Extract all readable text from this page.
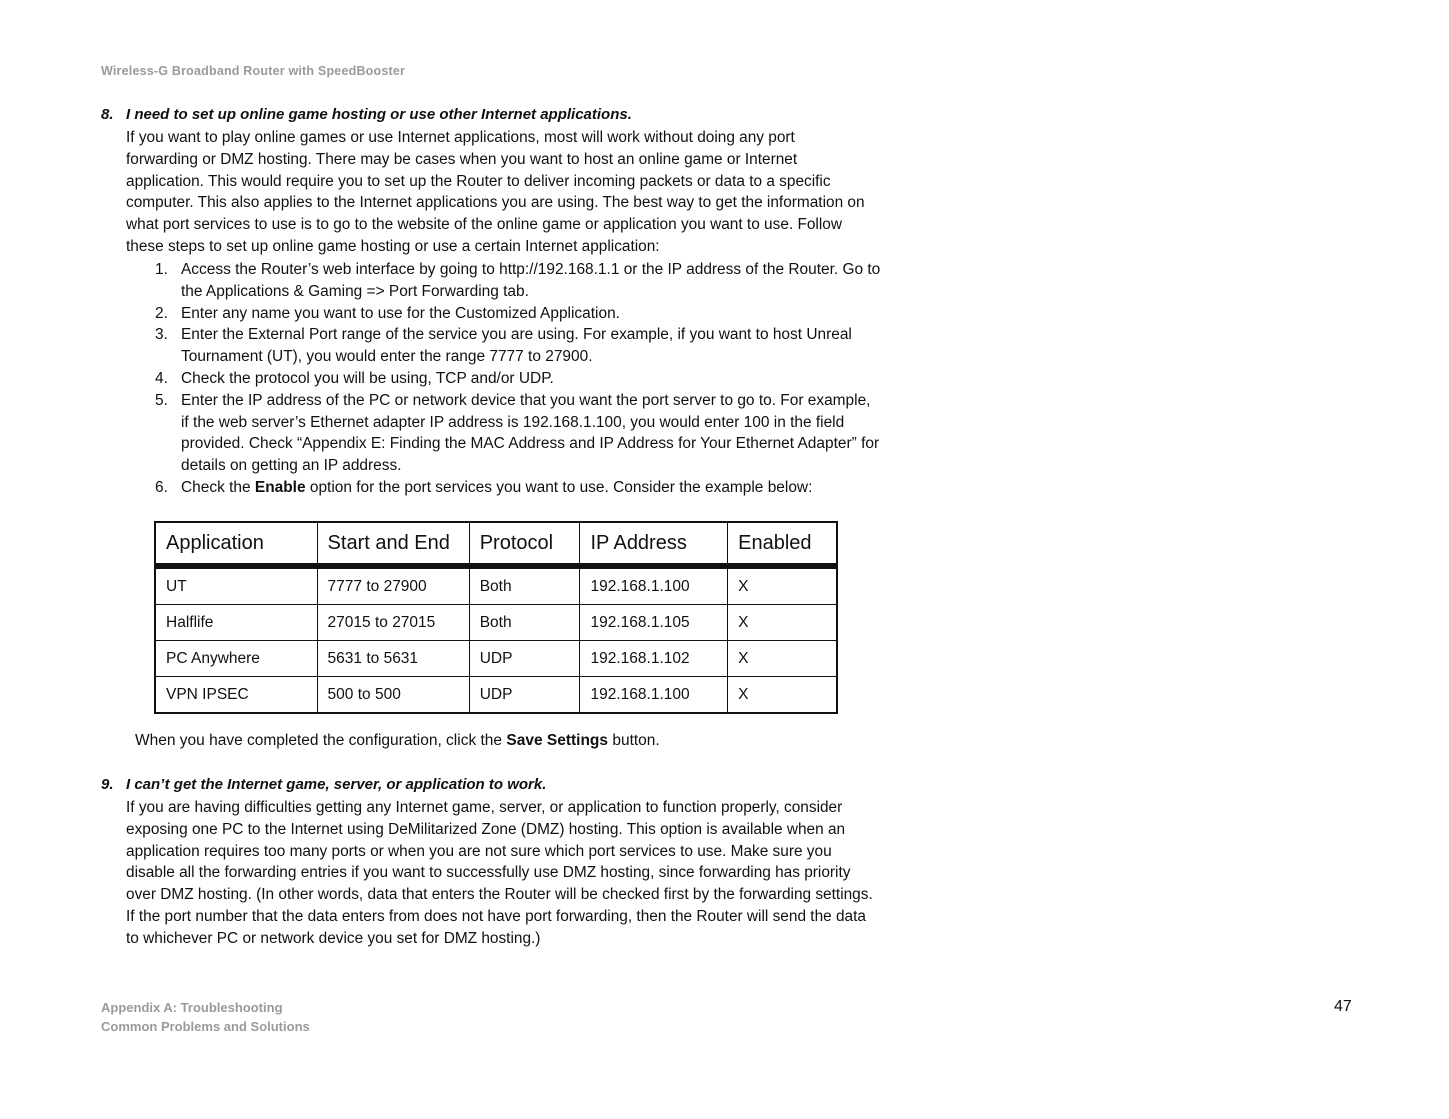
Wireless-G Broadband Router with SpeedBooster
8. I need to set up online game hosting or use other Internet applications.
If you want to play online games or use Internet applications, most will work without doing any port
forwarding or DMZ hosting. There may be cases when you want to host an online game or Internet
application. This would require you to set up the Router to deliver incoming packets or data to a specific
computer. This also applies to the Internet applications you are using. The best way to get the information on
what port services to use is to go to the website of the online game or application you want to use. Follow
these steps to set up online game hosting or use a certain Internet application:
1. Access the Router’s web interface by going to http://192.168.1.1 or the IP address of the Router. Go to
the Applications & Gaming => Port Forwarding tab.
2. Enter any name you want to use for the Customized Application.
3. Enter the External Port range of the service you are using. For example, if you want to host Unreal
Tournament (UT), you would enter the range 7777 to 27900.
4. Check the protocol you will be using, TCP and/or UDP.
5. Enter the IP address of the PC or network device that you want the port server to go to. For example,
if the web server’s Ethernet adapter IP address is 192.168.1.100, you would enter 100 in the field
provided. Check “Appendix E: Finding the MAC Address and IP Address for Your Ethernet Adapter” for
details on getting an IP address.
6. Check the Enable option for the port services you want to use. Consider the example below:
Application	Start and End	Protocol	IP Address	Enabled
UT	7777 to 27900	Both	192.168.1.100	X
Halflife	27015 to 27015	Both	192.168.1.105	X
PC Anywhere	5631 to 5631	UDP	192.168.1.102	X
VPN IPSEC	500 to 500	UDP	192.168.1.100	X
When you have completed the configuration, click the Save Settings button.
9. I can’t get the Internet game, server, or application to work.
If you are having difficulties getting any Internet game, server, or application to function properly, consider
exposing one PC to the Internet using DeMilitarized Zone (DMZ) hosting. This option is available when an
application requires too many ports or when you are not sure which port services to use. Make sure you
disable all the forwarding entries if you want to successfully use DMZ hosting, since forwarding has priority
over DMZ hosting. (In other words, data that enters the Router will be checked first by the forwarding settings.
If the port number that the data enters from does not have port forwarding, then the Router will send the data
to whichever PC or network device you set for DMZ hosting.)
Appendix A: Troubleshooting
Common Problems and Solutions
47
